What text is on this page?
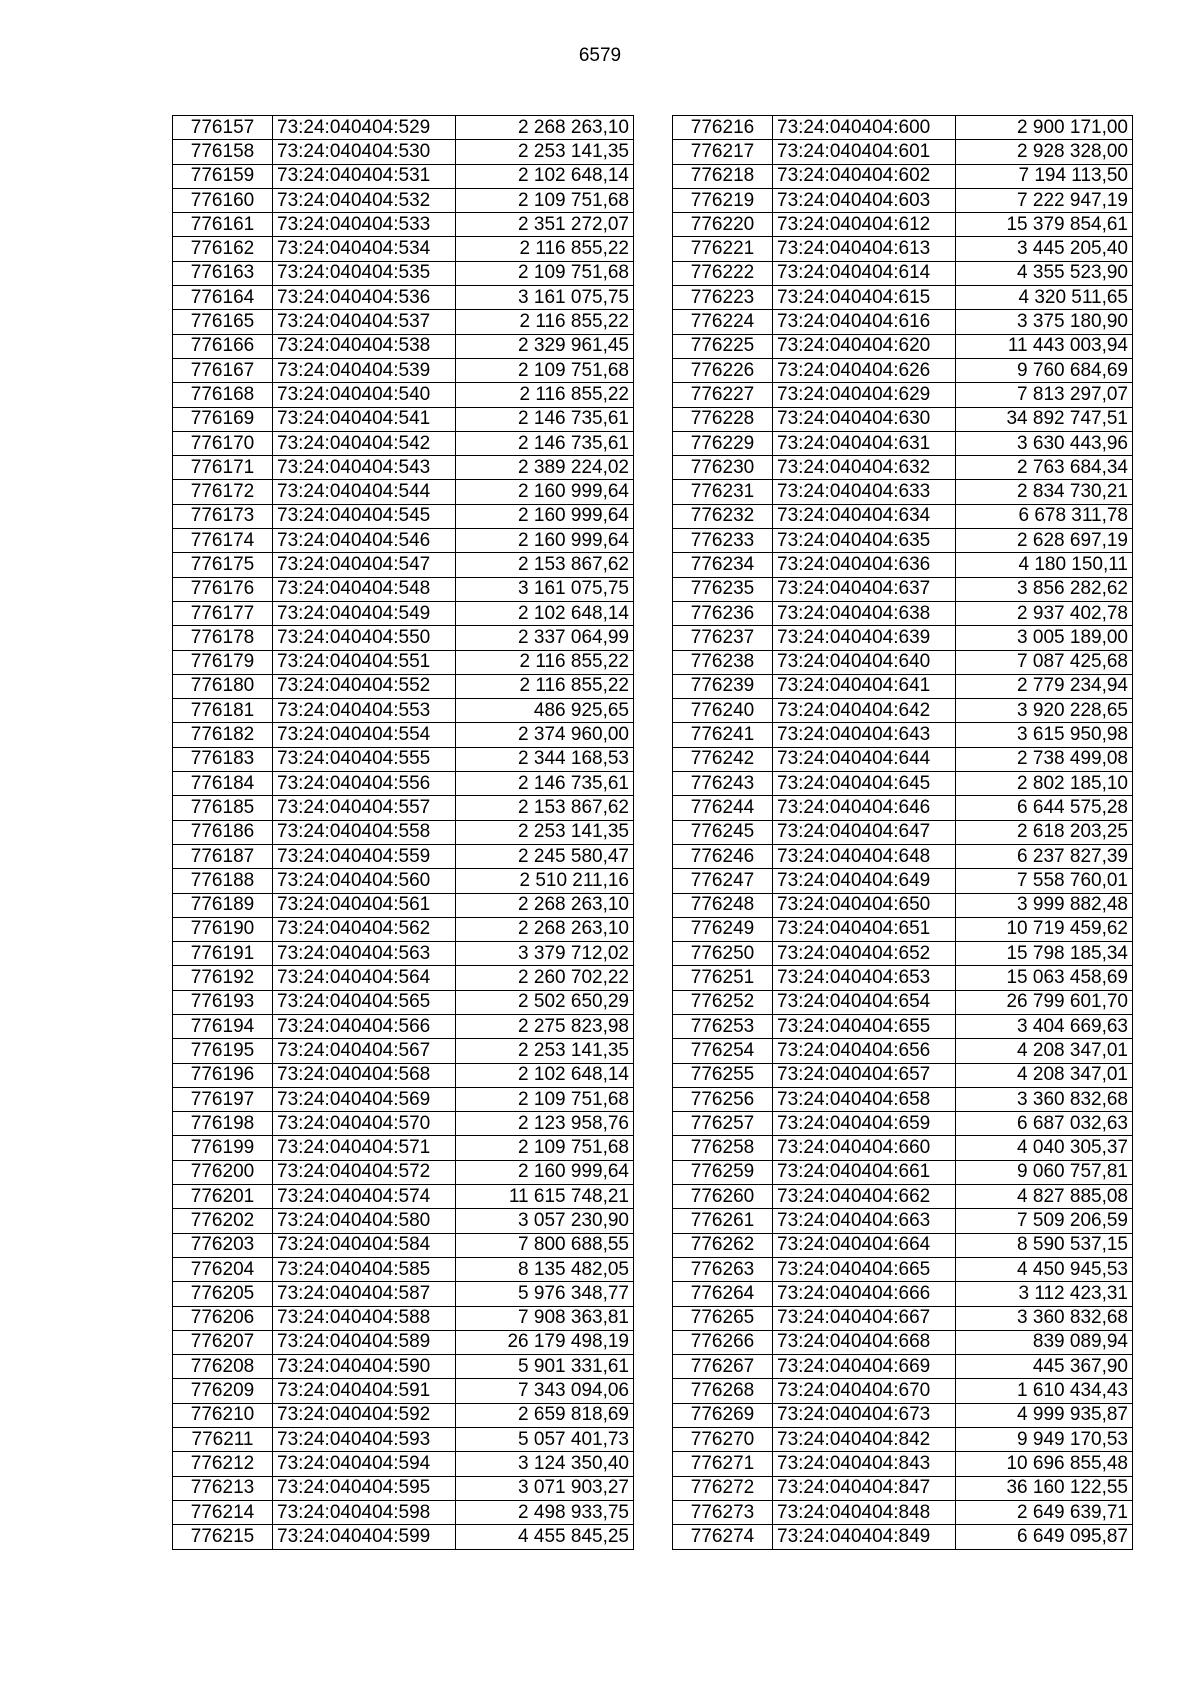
6579
776157	73:24:040404:529	2 268 263,10
776158	73:24:040404:530	2 253 141,35
776159	73:24:040404:531	2 102 648,14
776160	73:24:040404:532	2 109 751,68
776161	73:24:040404:533	2 351 272,07
776162	73:24:040404:534	2 116 855,22
776163	73:24:040404:535	2 109 751,68
776164	73:24:040404:536	3 161 075,75
776165	73:24:040404:537	2 116 855,22
776166	73:24:040404:538	2 329 961,45
776167	73:24:040404:539	2 109 751,68
776168	73:24:040404:540	2 116 855,22
776169	73:24:040404:541	2 146 735,61
776170	73:24:040404:542	2 146 735,61
776171	73:24:040404:543	2 389 224,02
776172	73:24:040404:544	2 160 999,64
776173	73:24:040404:545	2 160 999,64
776174	73:24:040404:546	2 160 999,64
776175	73:24:040404:547	2 153 867,62
776176	73:24:040404:548	3 161 075,75
776177	73:24:040404:549	2 102 648,14
776178	73:24:040404:550	2 337 064,99
776179	73:24:040404:551	2 116 855,22
776180	73:24:040404:552	2 116 855,22
776181	73:24:040404:553	486 925,65
776182	73:24:040404:554	2 374 960,00
776183	73:24:040404:555	2 344 168,53
776184	73:24:040404:556	2 146 735,61
776185	73:24:040404:557	2 153 867,62
776186	73:24:040404:558	2 253 141,35
776187	73:24:040404:559	2 245 580,47
776188	73:24:040404:560	2 510 211,16
776189	73:24:040404:561	2 268 263,10
776190	73:24:040404:562	2 268 263,10
776191	73:24:040404:563	3 379 712,02
776192	73:24:040404:564	2 260 702,22
776193	73:24:040404:565	2 502 650,29
776194	73:24:040404:566	2 275 823,98
776195	73:24:040404:567	2 253 141,35
776196	73:24:040404:568	2 102 648,14
776197	73:24:040404:569	2 109 751,68
776198	73:24:040404:570	2 123 958,76
776199	73:24:040404:571	2 109 751,68
776200	73:24:040404:572	2 160 999,64
776201	73:24:040404:574	11 615 748,21
776202	73:24:040404:580	3 057 230,90
776203	73:24:040404:584	7 800 688,55
776204	73:24:040404:585	8 135 482,05
776205	73:24:040404:587	5 976 348,77
776206	73:24:040404:588	7 908 363,81
776207	73:24:040404:589	26 179 498,19
776208	73:24:040404:590	5 901 331,61
776209	73:24:040404:591	7 343 094,06
776210	73:24:040404:592	2 659 818,69
776211	73:24:040404:593	5 057 401,73
776212	73:24:040404:594	3 124 350,40
776213	73:24:040404:595	3 071 903,27
776214	73:24:040404:598	2 498 933,75
776215	73:24:040404:599	4 455 845,25
776216	73:24:040404:600	2 900 171,00
776217	73:24:040404:601	2 928 328,00
776218	73:24:040404:602	7 194 113,50
776219	73:24:040404:603	7 222 947,19
776220	73:24:040404:612	15 379 854,61
776221	73:24:040404:613	3 445 205,40
776222	73:24:040404:614	4 355 523,90
776223	73:24:040404:615	4 320 511,65
776224	73:24:040404:616	3 375 180,90
776225	73:24:040404:620	11 443 003,94
776226	73:24:040404:626	9 760 684,69
776227	73:24:040404:629	7 813 297,07
776228	73:24:040404:630	34 892 747,51
776229	73:24:040404:631	3 630 443,96
776230	73:24:040404:632	2 763 684,34
776231	73:24:040404:633	2 834 730,21
776232	73:24:040404:634	6 678 311,78
776233	73:24:040404:635	2 628 697,19
776234	73:24:040404:636	4 180 150,11
776235	73:24:040404:637	3 856 282,62
776236	73:24:040404:638	2 937 402,78
776237	73:24:040404:639	3 005 189,00
776238	73:24:040404:640	7 087 425,68
776239	73:24:040404:641	2 779 234,94
776240	73:24:040404:642	3 920 228,65
776241	73:24:040404:643	3 615 950,98
776242	73:24:040404:644	2 738 499,08
776243	73:24:040404:645	2 802 185,10
776244	73:24:040404:646	6 644 575,28
776245	73:24:040404:647	2 618 203,25
776246	73:24:040404:648	6 237 827,39
776247	73:24:040404:649	7 558 760,01
776248	73:24:040404:650	3 999 882,48
776249	73:24:040404:651	10 719 459,62
776250	73:24:040404:652	15 798 185,34
776251	73:24:040404:653	15 063 458,69
776252	73:24:040404:654	26 799 601,70
776253	73:24:040404:655	3 404 669,63
776254	73:24:040404:656	4 208 347,01
776255	73:24:040404:657	4 208 347,01
776256	73:24:040404:658	3 360 832,68
776257	73:24:040404:659	6 687 032,63
776258	73:24:040404:660	4 040 305,37
776259	73:24:040404:661	9 060 757,81
776260	73:24:040404:662	4 827 885,08
776261	73:24:040404:663	7 509 206,59
776262	73:24:040404:664	8 590 537,15
776263	73:24:040404:665	4 450 945,53
776264	73:24:040404:666	3 112 423,31
776265	73:24:040404:667	3 360 832,68
776266	73:24:040404:668	839 089,94
776267	73:24:040404:669	445 367,90
776268	73:24:040404:670	1 610 434,43
776269	73:24:040404:673	4 999 935,87
776270	73:24:040404:842	9 949 170,53
776271	73:24:040404:843	10 696 855,48
776272	73:24:040404:847	36 160 122,55
776273	73:24:040404:848	2 649 639,71
776274	73:24:040404:849	6 649 095,87
